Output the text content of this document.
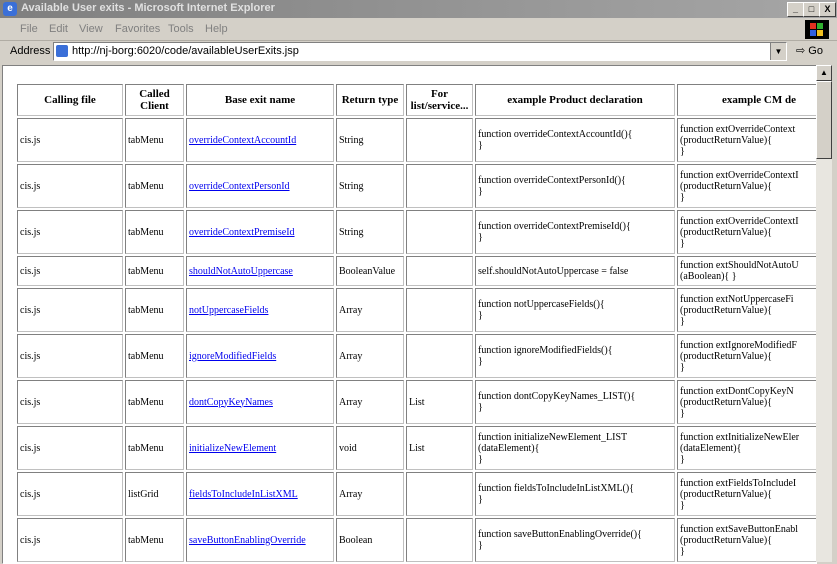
e Available User exits - Microsoft Internet Explorer	_	□	X
File Edit View Favorites Tools Help
Address http://nj-borg:6020/code/availableUserExits.jsp	▼	⇨ Go
Calling file	Called Client	Base exit name	Return type	For list/service...	example Product declaration	example CM de
cis.js	tabMenu	overrideContextAccountId	String		function overrideContextAccountId(){
}	function extOverrideContext
(productReturnValue){
}

cis.js	tabMenu	overrideContextPersonId	String		function overrideContextPersonId(){
}	function extOverrideContextI
(productReturnValue){
}

cis.js	tabMenu	overrideContextPremiseId	String		function overrideContextPremiseId(){
}	function extOverrideContextI
(productReturnValue){
}

cis.js	tabMenu	shouldNotAutoUppercase	BooleanValue		self.shouldNotAutoUppercase = false	function extShouldNotAutoU
(aBoolean){ }

cis.js	tabMenu	notUppercaseFields	Array		function notUppercaseFields(){
}	function extNotUppercaseFi
(productReturnValue){
}

cis.js	tabMenu	ignoreModifiedFields	Array		function ignoreModifiedFields(){
}	function extIgnoreModifiedF
(productReturnValue){
}

cis.js	tabMenu	dontCopyKeyNames	Array	List	function dontCopyKeyNames_LIST(){
}	function extDontCopyKeyN
(productReturnValue){
}

cis.js	tabMenu	initializeNewElement	void	List	function initializeNewElement_LIST
(dataElement){
}	function extInitializeNewEler
(dataElement){
}

cis.js	listGrid	fieldsToIncludeInListXML	Array		function fieldsToIncludeInListXML(){
}	function extFieldsToIncludeI
(productReturnValue){
}

cis.js	tabMenu	saveButtonEnablingOverride	Boolean		function saveButtonEnablingOverride(){
}	function extSaveButtonEnabl
(productReturnValue){
}
▲
